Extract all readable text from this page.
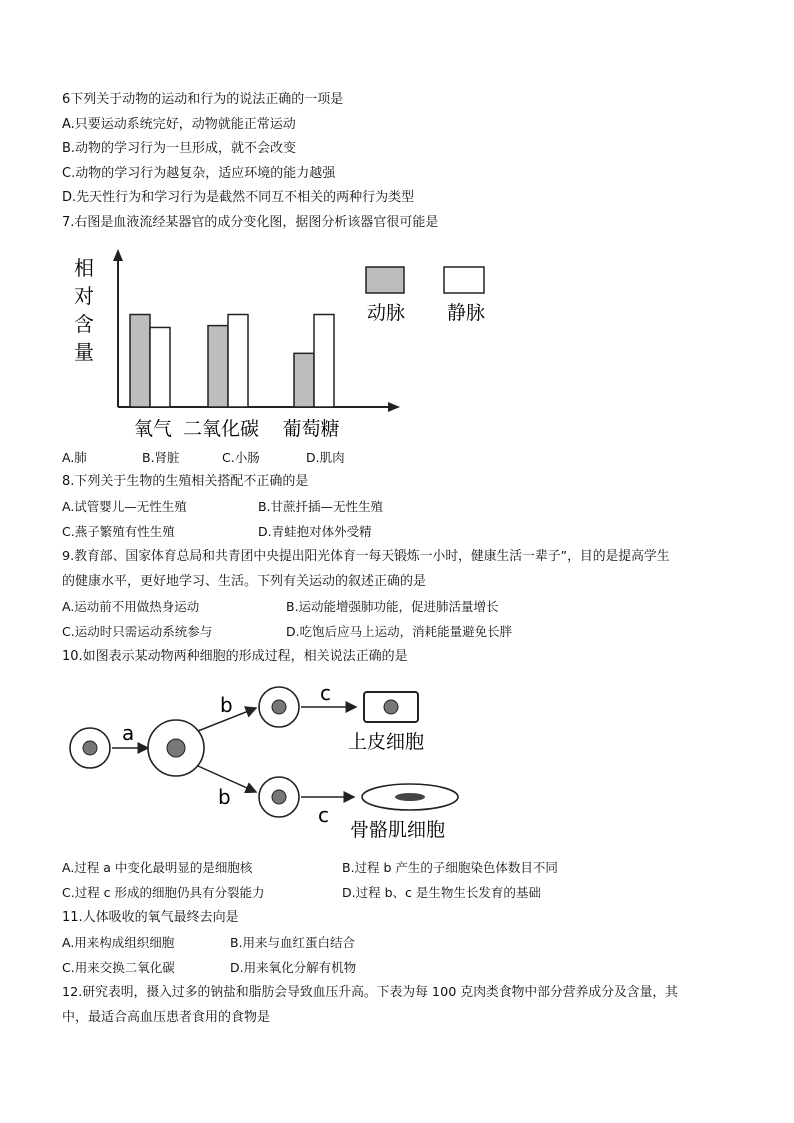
6下列关于动物的运动和行为的说法正确的一项是
A.只要运动系统完好，动物就能正常运动
B.动物的学习行为一旦形成，就不会改变
C.动物的学习行为越复杂，适应环境的能力越强
D.先天性行为和学习行为是截然不同互不相关的两种行为类型
7.右图是血液流经某器官的成分变化图，据图分析该器官很可能是
相
对
含
量
氧气 二氧化碳 葡萄糖
动脉 静脉
A.肺	B.肾脏	C.小肠	D.肌肉
8.下列关于生物的生殖相关搭配不正确的是
A.试管婴儿—无性生殖	B.甘蔗扦插—无性生殖
C.燕子繁殖有性生殖	D.青蛙抱对体外受精
9.教育部、国家体育总局和共青团中央提出阳光体育一每天锻炼一小时，健康生活一辈子”，目的是提高学生
的健康水平，更好地学习、生活。下列有关运动的叙述正确的是
A.运动前不用做热身运动	B.运动能增强肺功能，促进肺活量增长
C.运动时只需运动系统参与	D.吃饱后应马上运动，消耗能量避免长胖
10.如图表示某动物两种细胞的形成过程，相关说法正确的是
a
b
b
c
c
上皮细胞
骨骼肌细胞
A.过程 a 中变化最明显的是细胞核	B.过程 b 产生的子细胞染色体数目不同
C.过程 c 形成的细胞仍具有分裂能力	D.过程 b、c 是生物生长发育的基础
11.人体吸收的氧气最终去向是
A.用来构成组织细胞	B.用来与血红蛋白结合
C.用来交换二氧化碳	D.用来氧化分解有机物
12.研究表明，摄入过多的钠盐和脂肪会导致血压升高。下表为每 100 克肉类食物中部分营养成分及含量，其
中，最适合高血压患者食用的食物是
